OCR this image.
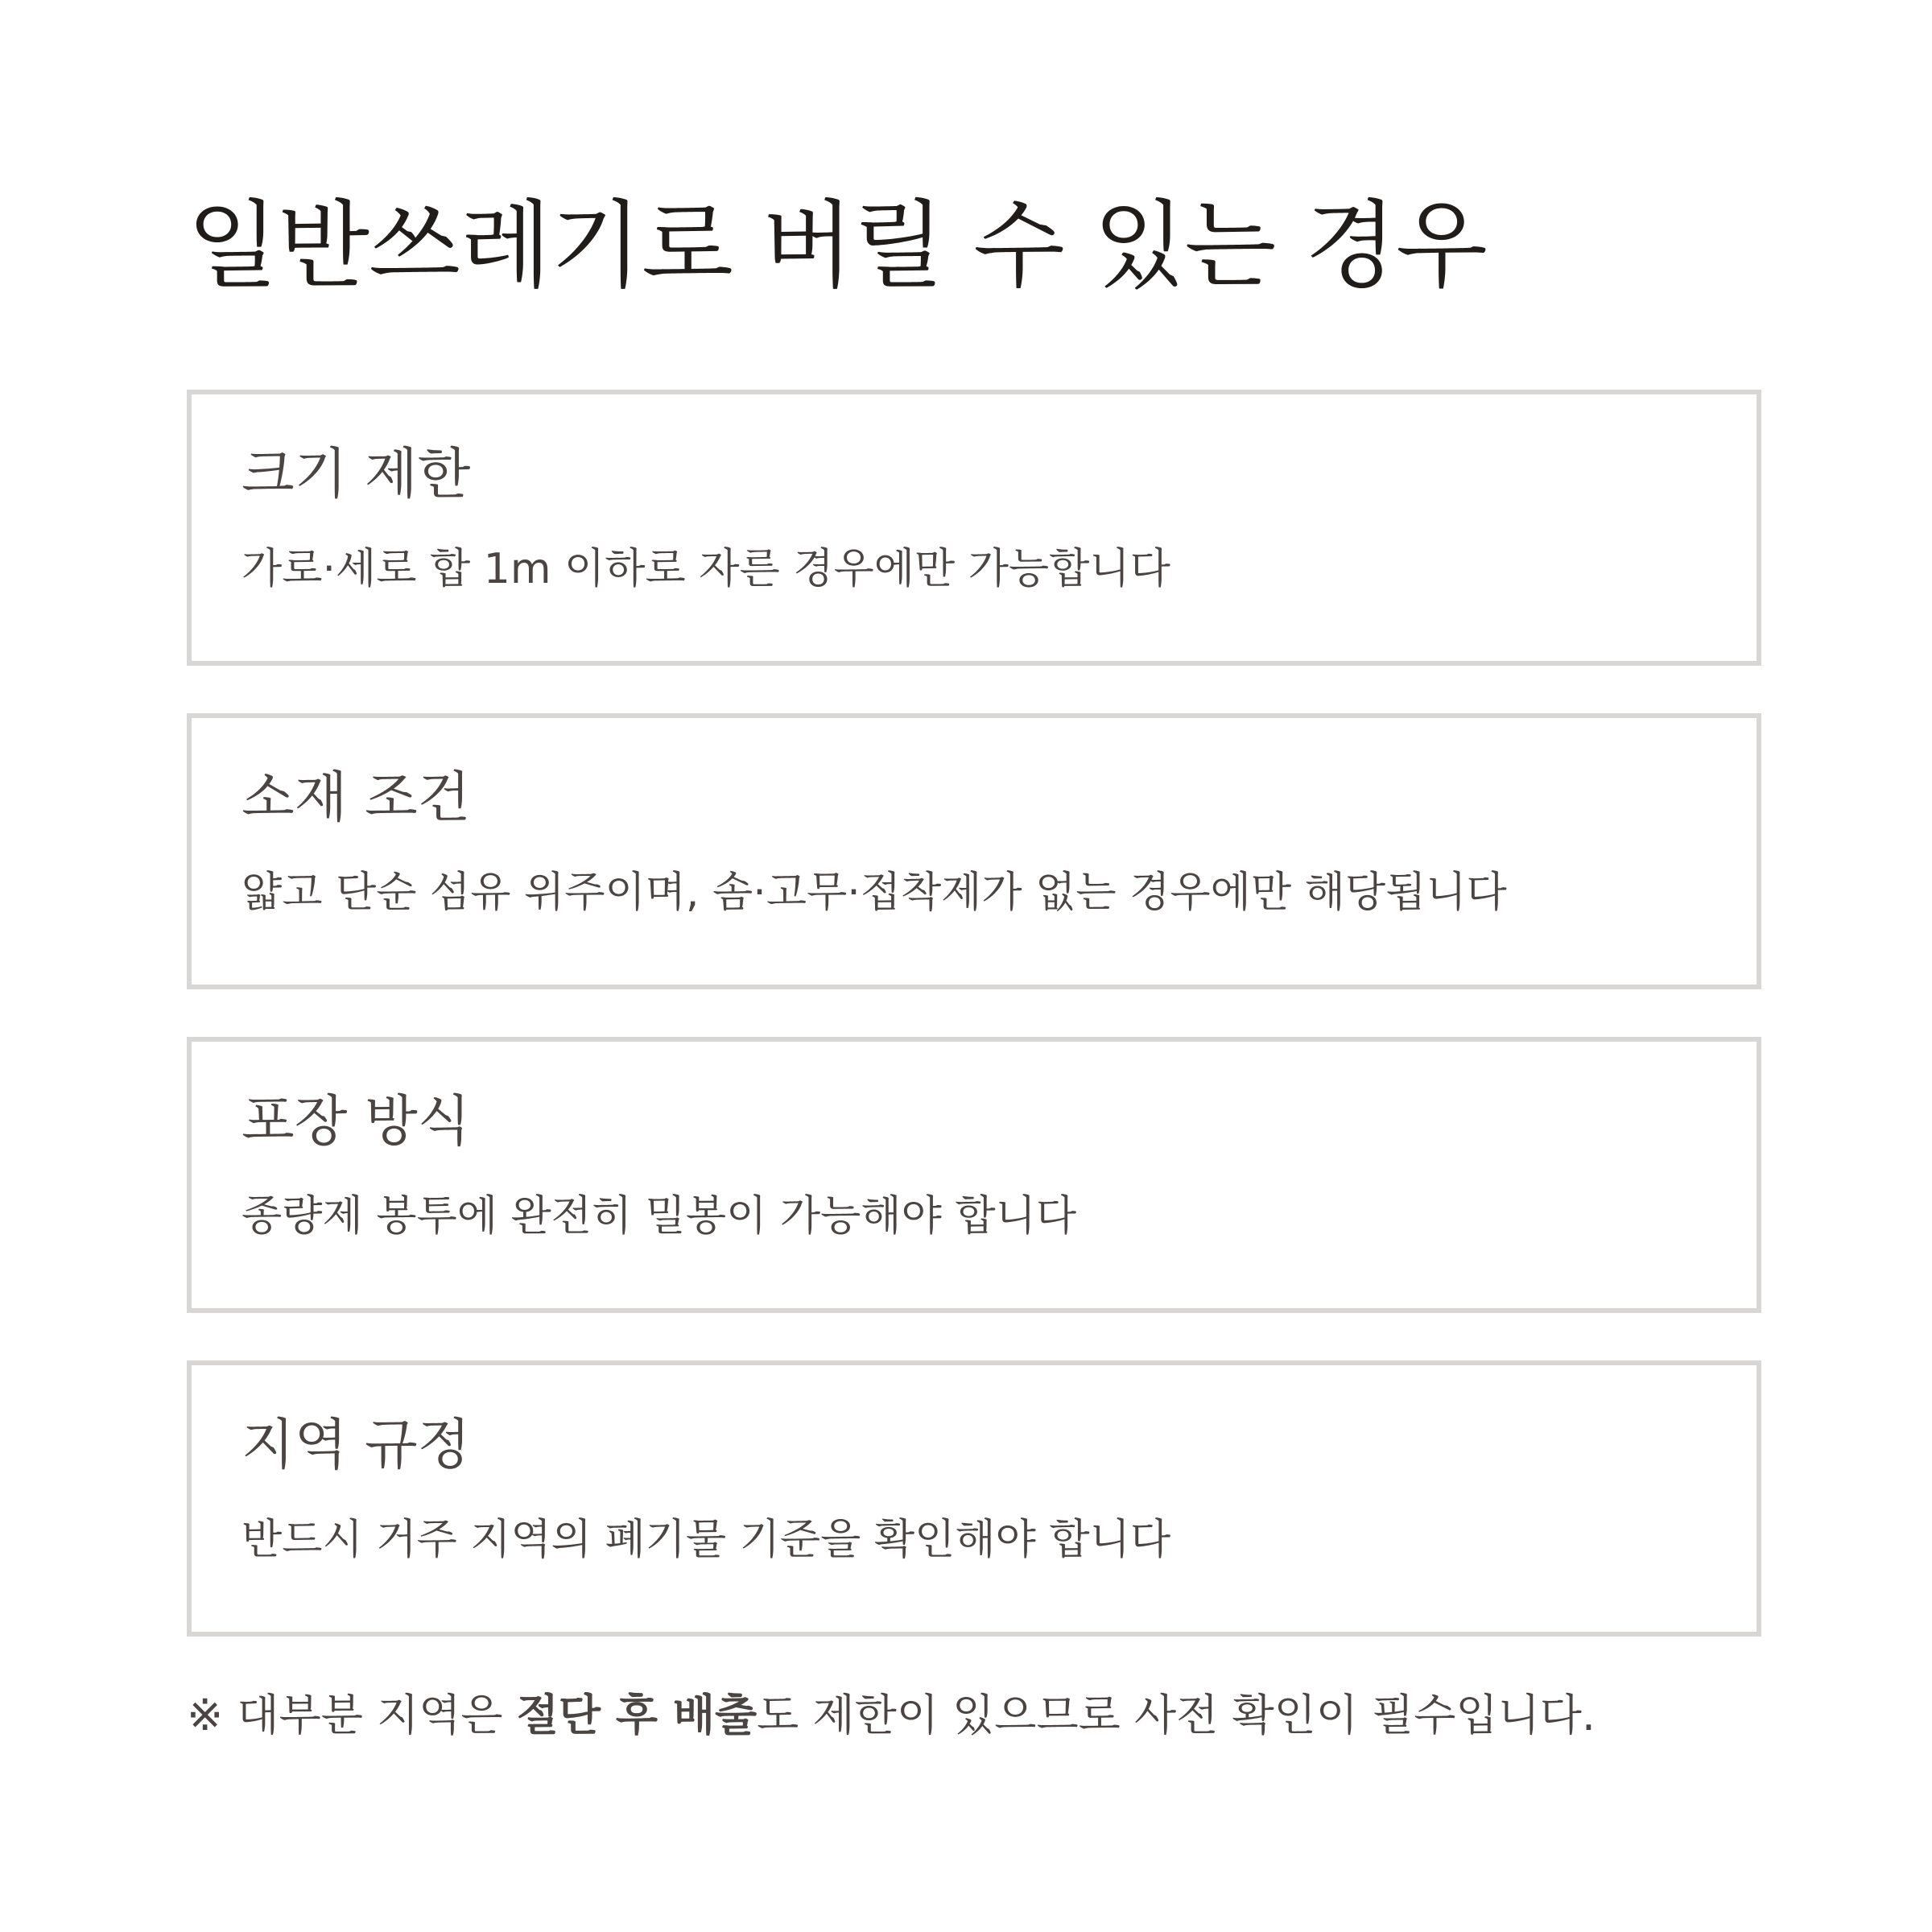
일반쓰레기로 버릴 수 있는 경우
크기 제한

가로·세로 합 1m 이하로 자른 경우에만 가능합니다

소재 조건

얇고 단순 섬유 위주이며, 솜·고무·접착제가 없는 경우에만 해당됩니다

포장 방식

종량제 봉투에 완전히 밀봉이 가능해야 합니다

지역 규정

반드시 거주 지역의 폐기물 기준을 확인해야 합니다

※ 대부분 지역은 절단 후 배출도 제한이 있으므로 사전 확인이 필수입니다.
